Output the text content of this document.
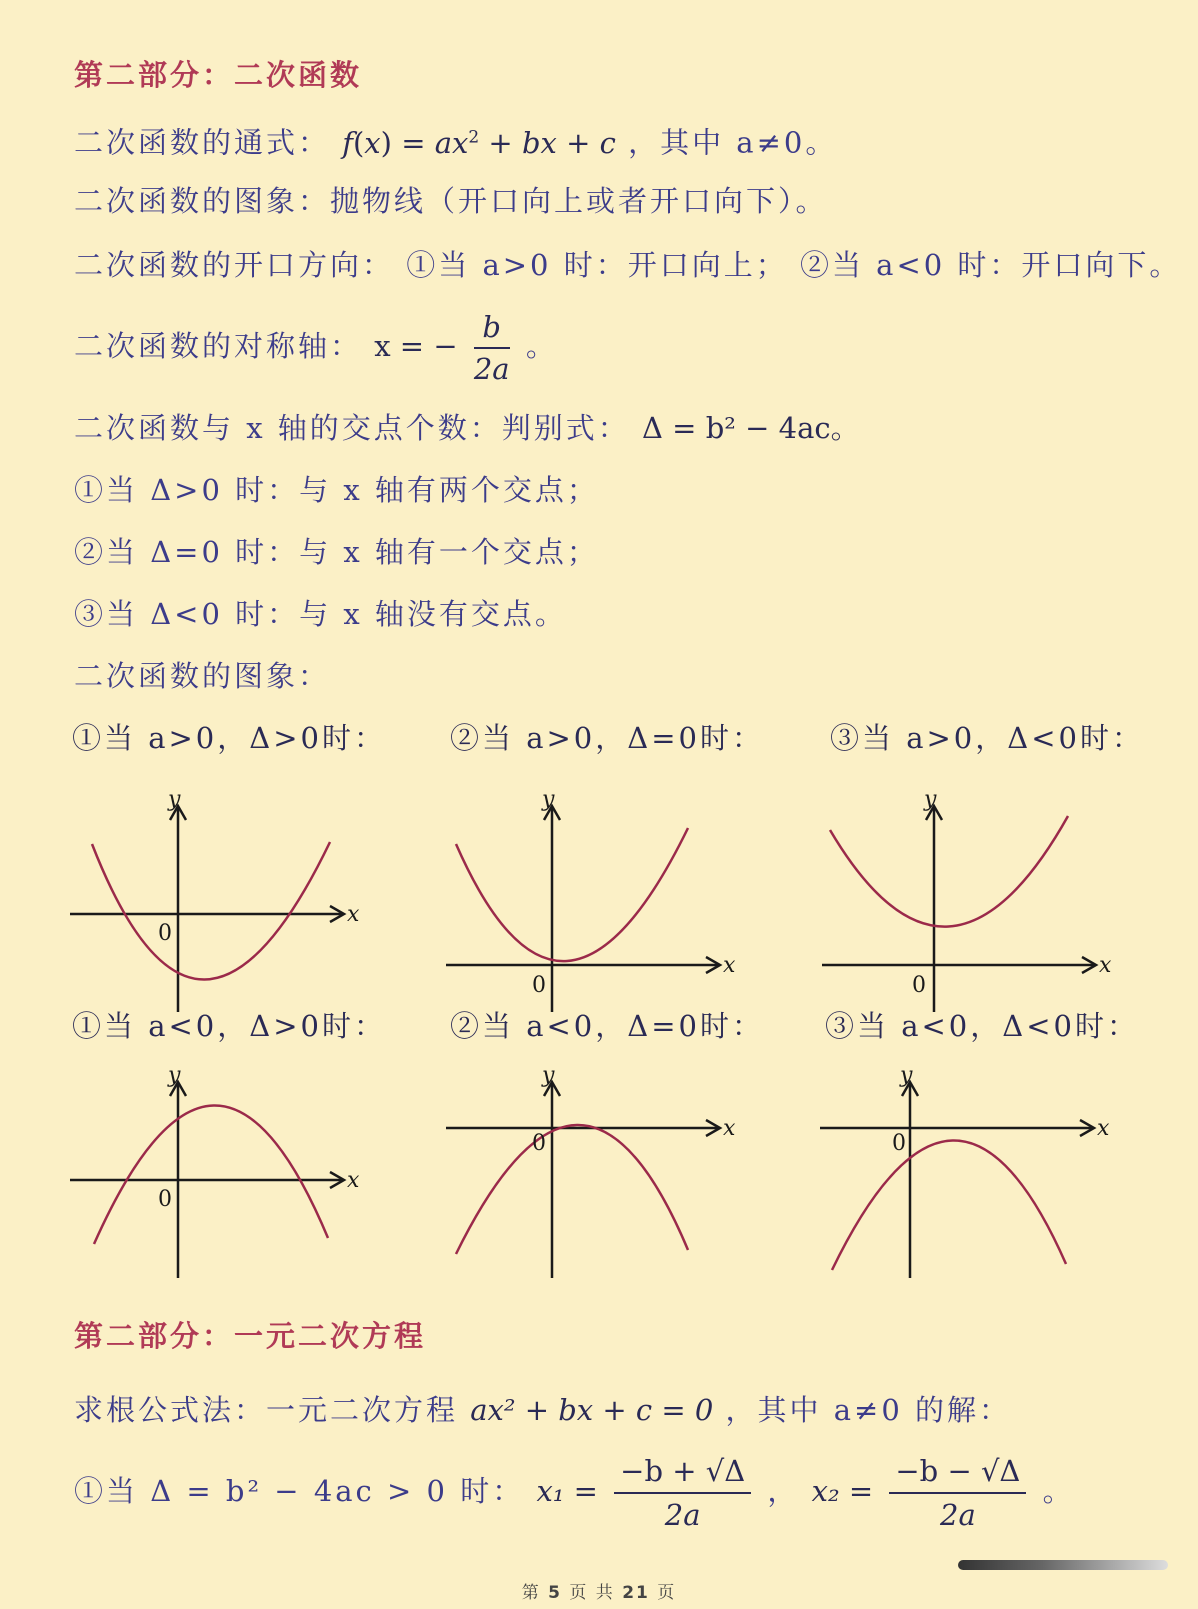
第二部分：二次函数
二次函数的通式： $f(x) = ax^2$ + bx + c ，其中 a≠0。
二次函数的图象：抛物线（开口向上或者开口向下）。
二次函数的开口方向： ①当 a>0 时：开口向上； ②当 a<0 时：开口向下。
二次函数的对称轴： x = − $\frac{b}{2a}$ 。
二次函数与 x 轴的交点个数：判别式： Δ = b² − 4ac。
①当 Δ>0 时：与 x 轴有两个交点；
②当 Δ=0 时：与 x 轴有一个交点；
③当 Δ<0 时：与 x 轴没有交点。
二次函数的图象：
①当 a>0，Δ>0时： ②当 a>0，Δ=0时： ③当 a>0，Δ<0时：
①当 a<0，Δ>0时： ②当 a<0，Δ=0时： ③当 a<0，Δ<0时：
x
y
0
x
y
0
x
y
0
x
y
0
x
y
0
x
y
0
第二部分：一元二次方程
求根公式法：一元二次方程 ax² + bx + c = 0 ，其中 a≠0 的解：
①当 Δ = b² − 4ac > 0 时： $x_1 = \frac{-b + √\Delta}{2a}$ ， $x_2 = \frac{-b - √\Delta}{2a}$ 。
第 5 页 共 21 页
